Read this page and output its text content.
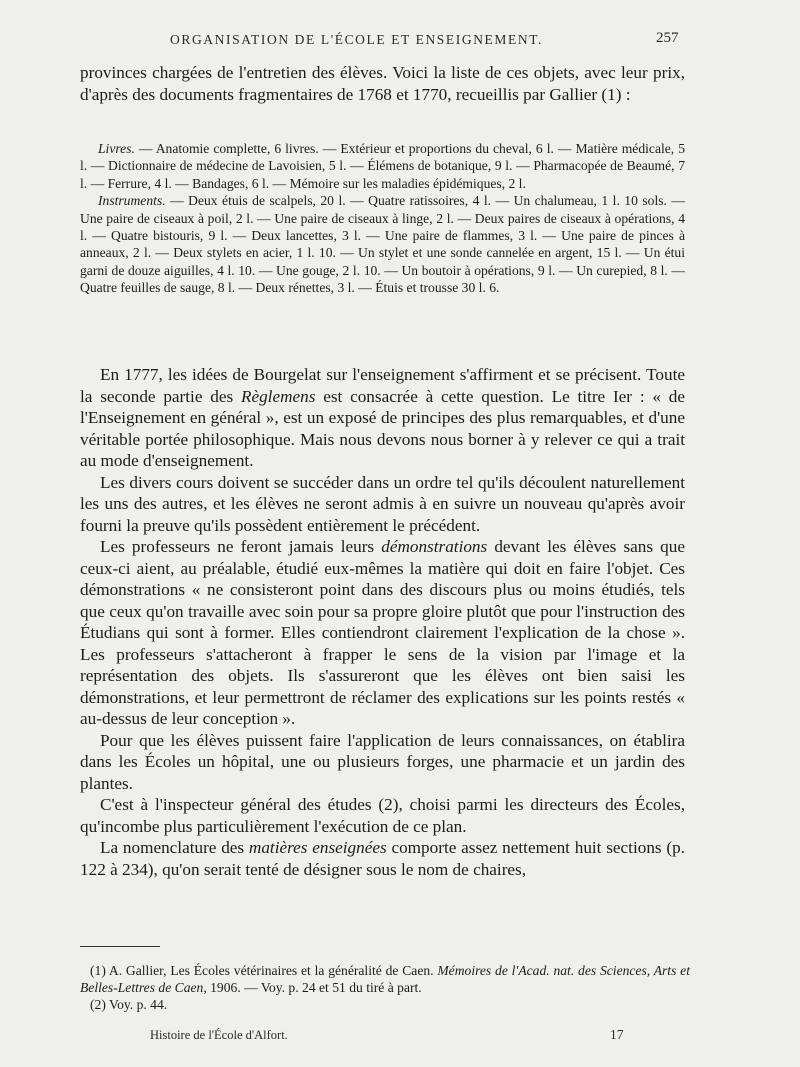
ORGANISATION DE L'ÉCOLE ET ENSEIGNEMENT.	257

provinces chargées de l'entretien des élèves. Voici la liste de ces objets, avec leur prix, d'après des documents fragmentaires de 1768 et 1770, recueillis par Gallier (1) :

Livres. — Anatomie complette, 6 livres. — Extérieur et proportions du cheval, 6 l. — Matière médicale, 5 l. — Dictionnaire de médecine de Lavoisien, 5 l. — Élémens de botanique, 9 l. — Pharmacopée de Beaumé, 7 l. — Ferrure, 4 l. — Bandages, 6 l. — Mémoire sur les maladies épidémiques, 2 l.

Instruments. — Deux étuis de scalpels, 20 l. — Quatre ratissoires, 4 l. — Un chalumeau, 1 l. 10 sols. — Une paire de ciseaux à poil, 2 l. — Une paire de ciseaux à linge, 2 l. — Deux paires de ciseaux à opérations, 4 l. — Quatre bistouris, 9 l. — Deux lancettes, 3 l. — Une paire de flammes, 3 l. — Une paire de pinces à anneaux, 2 l. — Deux stylets en acier, 1 l. 10. — Un stylet et une sonde cannelée en argent, 15 l. — Un étui garni de douze aiguilles, 4 l. 10. — Une gouge, 2 l. 10. — Un boutoir à opérations, 9 l. — Un curepied, 8 l. — Quatre feuilles de sauge, 8 l. — Deux rénettes, 3 l. — Étuis et trousse 30 l. 6.

En 1777, les idées de Bourgelat sur l'enseignement s'affirment et se précisent. Toute la seconde partie des Règlemens est consacrée à cette question. Le titre Ier : « de l'Enseignement en général », est un exposé de principes des plus remarquables, et d'une véritable portée philosophique. Mais nous devons nous borner à y relever ce qui a trait au mode d'enseignement.

Les divers cours doivent se succéder dans un ordre tel qu'ils découlent naturellement les uns des autres, et les élèves ne seront admis à en suivre un nouveau qu'après avoir fourni la preuve qu'ils possèdent entièrement le précédent.

Les professeurs ne feront jamais leurs démonstrations devant les élèves sans que ceux-ci aient, au préalable, étudié eux-mêmes la matière qui doit en faire l'objet. Ces démonstrations « ne consisteront point dans des discours plus ou moins étudiés, tels que ceux qu'on travaille avec soin pour sa propre gloire plutôt que pour l'instruction des Étudians qui sont à former. Elles contiendront clairement l'explication de la chose ». Les professeurs s'attacheront à frapper le sens de la vision par l'image et la représentation des objets. Ils s'assureront que les élèves ont bien saisi les démonstrations, et leur permettront de réclamer des explications sur les points restés « au-dessus de leur conception ».

Pour que les élèves puissent faire l'application de leurs connaissances, on établira dans les Écoles un hôpital, une ou plusieurs forges, une pharmacie et un jardin des plantes.

C'est à l'inspecteur général des études (2), choisi parmi les directeurs des Écoles, qu'incombe plus particulièrement l'exécution de ce plan.

La nomenclature des matières enseignées comporte assez nettement huit sections (p. 122 à 234), qu'on serait tenté de désigner sous le nom de chaires,

(1) A. Gallier, Les Écoles vétérinaires et la généralité de Caen. Mémoires de l'Acad. nat. des Sciences, Arts et Belles-Lettres de Caen, 1906. — Voy. p. 24 et 51 du tiré à part.

(2) Voy. p. 44.

Histoire de l'École d'Alfort.	17
